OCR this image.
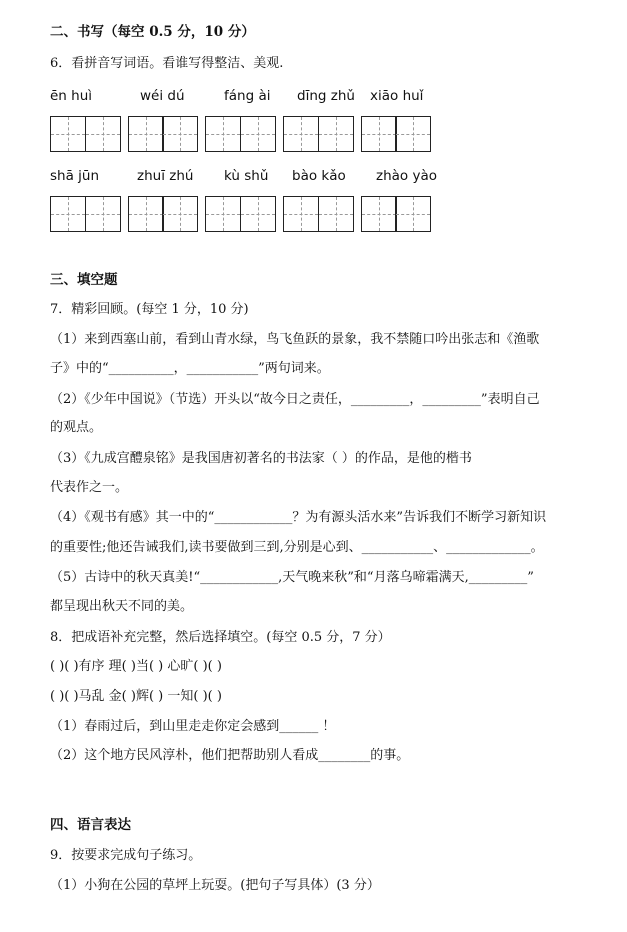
二、书写（每空 0.5 分，10 分）
6．看拼音写词语。看谁写得整洁、美观.
ēn huì	wéi dú	fáng ài dīng zhǔ xiāo huǐ
shā jūn	zhuī zhú kù shǔ bào kǎo zhào yào
三、填空题
7．精彩回顾。(每空 1 分，10 分)
（1）来到西塞山前，看到山青水绿，鸟飞鱼跃的景象，我不禁随口吟出张志和《渔歌
子》中的“__________，___________”两句词来。
（2）《少年中国说》（节选）开头以“故今日之责任，_________，_________”表明自己
的观点。
（3）《九成宫醴泉铭》是我国唐初著名的书法家（ ）的作品，是他的楷书
代表作之一。
（4）《观书有感》其一中的“____________？为有源头活水来”告诉我们不断学习新知识
的重要性;他还告诫我们,读书要做到三到,分别是心到、___________、_____________。
（5）古诗中的秋天真美!“____________,天气晚来秋”和“月落乌啼霜满天,_________”
都呈现出秋天不同的美。
8．把成语补充完整，然后选择填空。(每空 0.5 分，7 分）
( )( )有序 理( )当( ) 心旷( )( )
( )( )马乱 金( )辉( ) 一知( )( )
（1）春雨过后，到山里走走你定会感到______ ！
（2）这个地方民风淳朴，他们把帮助别人看成________的事。
四、语言表达
9．按要求完成句子练习。
（1）小狗在公园的草坪上玩耍。(把句子写具体）(3 分）
